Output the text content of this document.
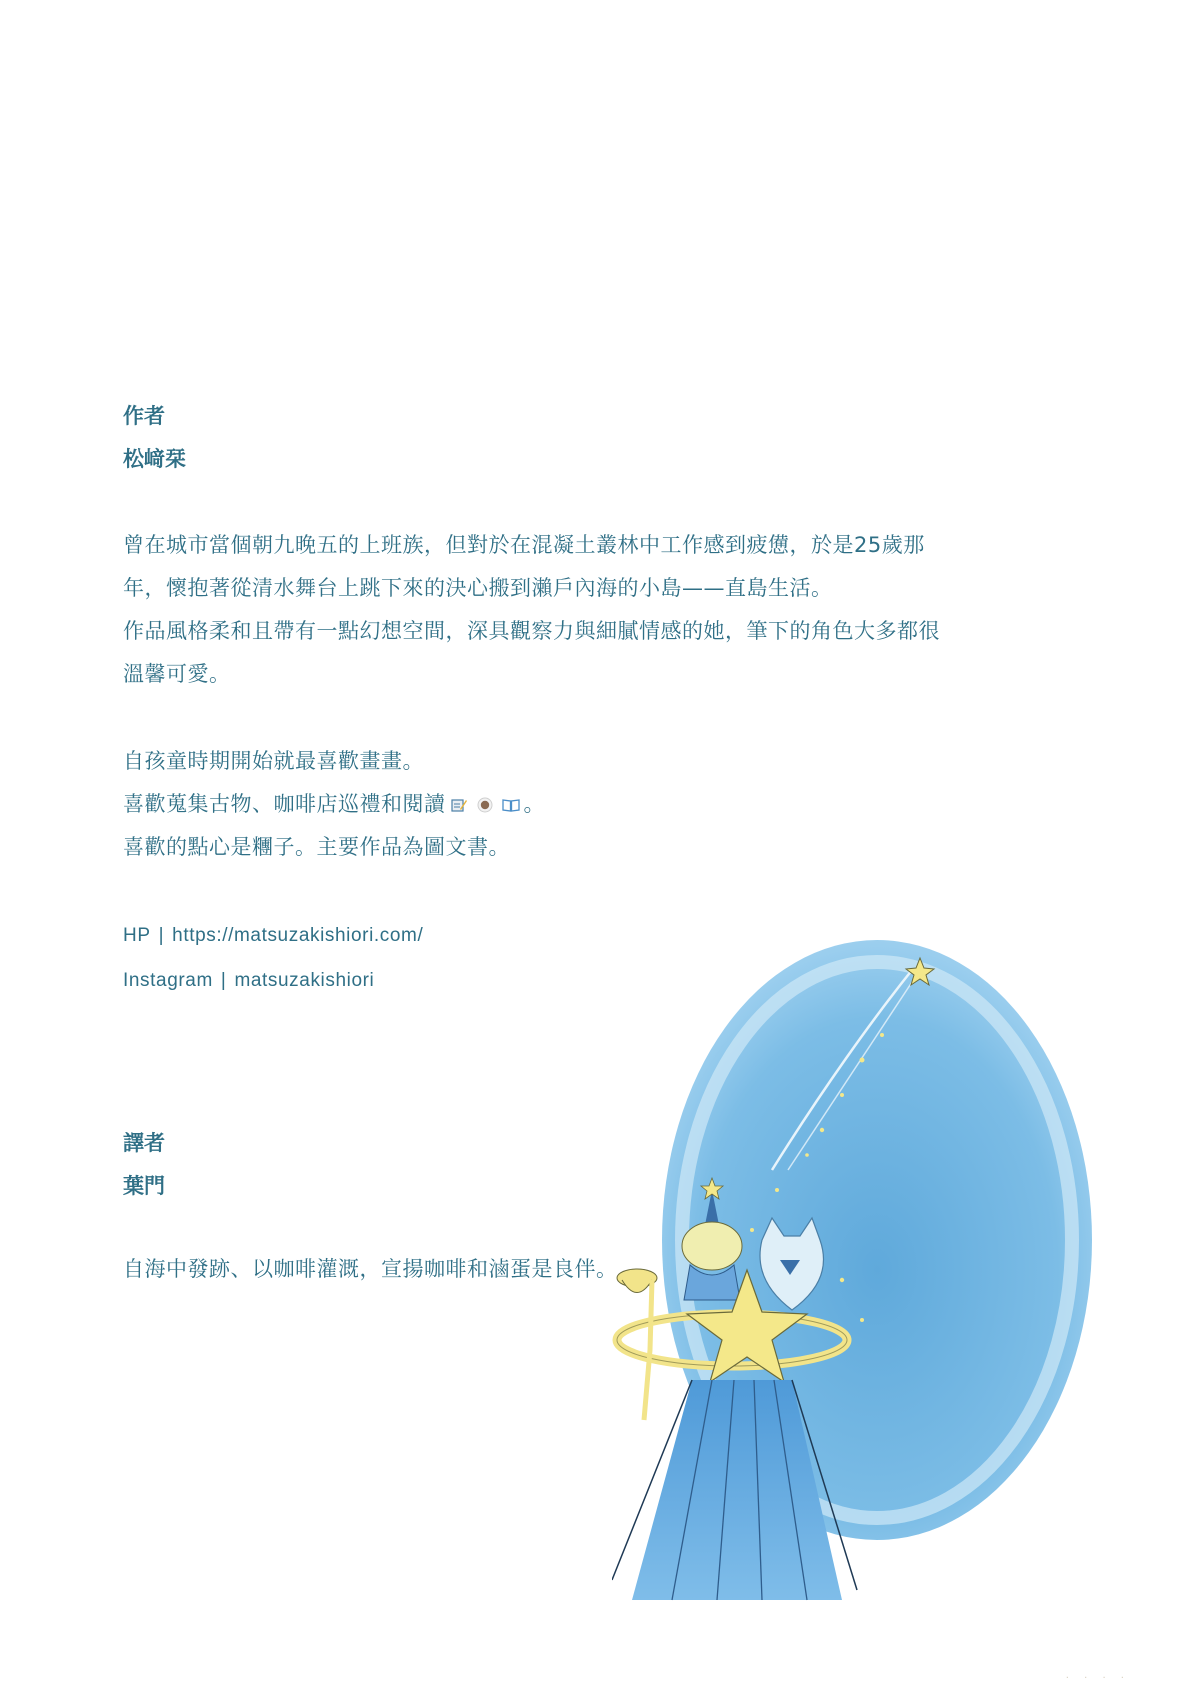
作者

松﨑栞

曾在城市當個朝九晚五的上班族，但對於在混凝土叢林中工作感到疲憊，於是25歲那

年，懷抱著從清水舞台上跳下來的決心搬到瀨戶內海的小島——直島生活。

作品風格柔和且帶有一點幻想空間，深具觀察力與細膩情感的她，筆下的角色大多都很

溫馨可愛。

自孩童時期開始就最喜歡畫畫。

喜歡蒐集古物、咖啡店巡禮和閱讀	。

喜歡的點心是糰子。主要作品為圖文書。

HP | https://matsuzakishiori.com/

Instagram | matsuzakishiori

譯者

葉門

自海中發跡、以咖啡灌溉，宣揚咖啡和滷蛋是良伴。

· · · ·
